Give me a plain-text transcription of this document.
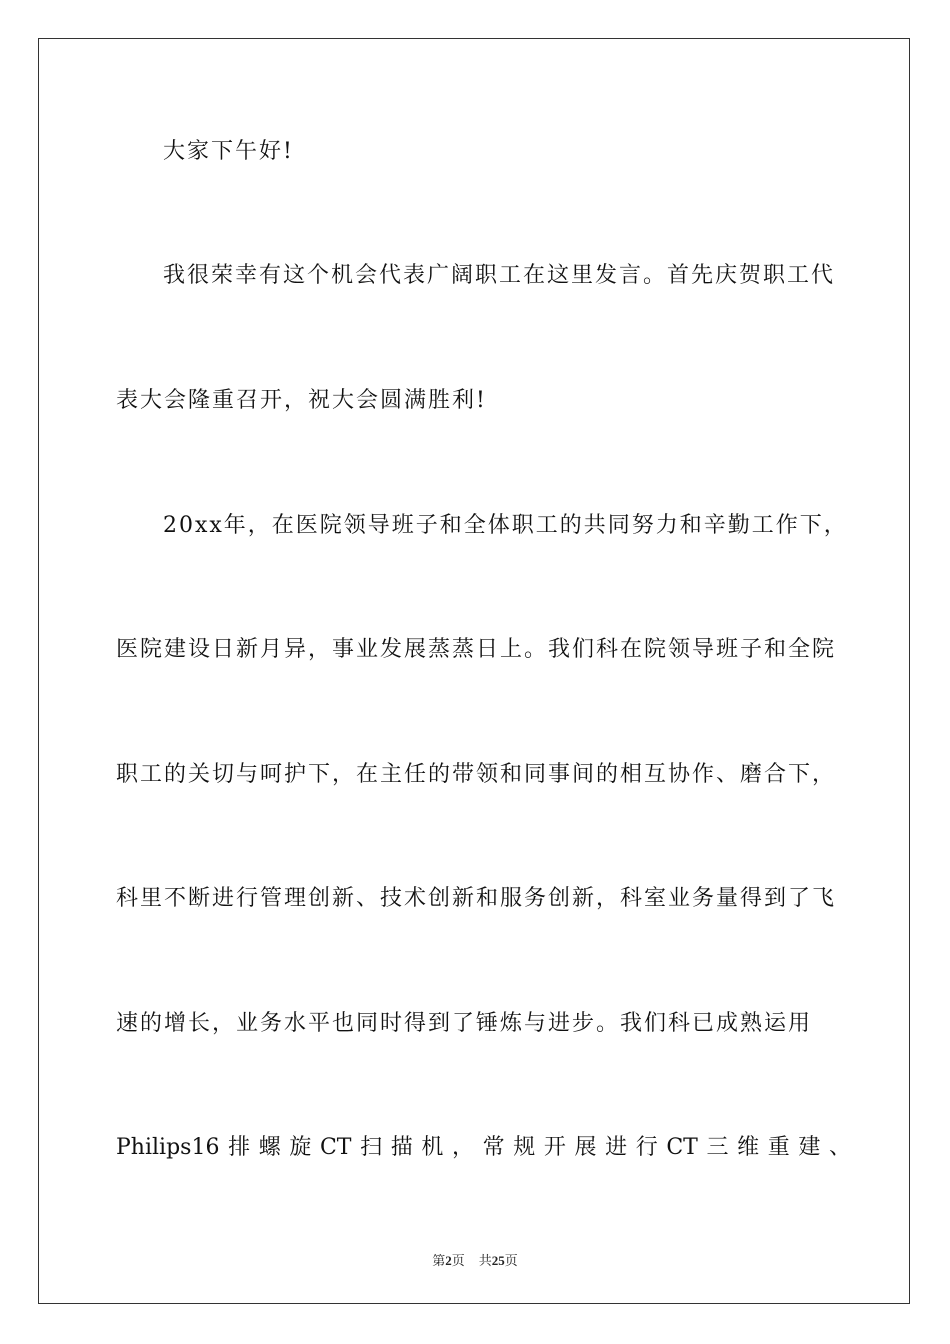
大家下午好!
我很荣幸有这个机会代表广阔职工在这里发言。首先庆贺职工代
表大会隆重召开，祝大会圆满胜利!
20xx年，在医院领导班子和全体职工的共同努力和辛勤工作下，
医院建设日新月异，事业发展蒸蒸日上。我们科在院领导班子和全院
职工的关切与呵护下，在主任的带领和同事间的相互协作、磨合下，
科里不断进行管理创新、技术创新和服务创新，科室业务量得到了飞
速的增长，业务水平也同时得到了锤炼与进步。我们科已成熟运用
Philips16 排 螺 旋 CT 扫 描 机 ， 常 规 开 展 进 行 CT 三 维 重 建 、
第2页 共25页
